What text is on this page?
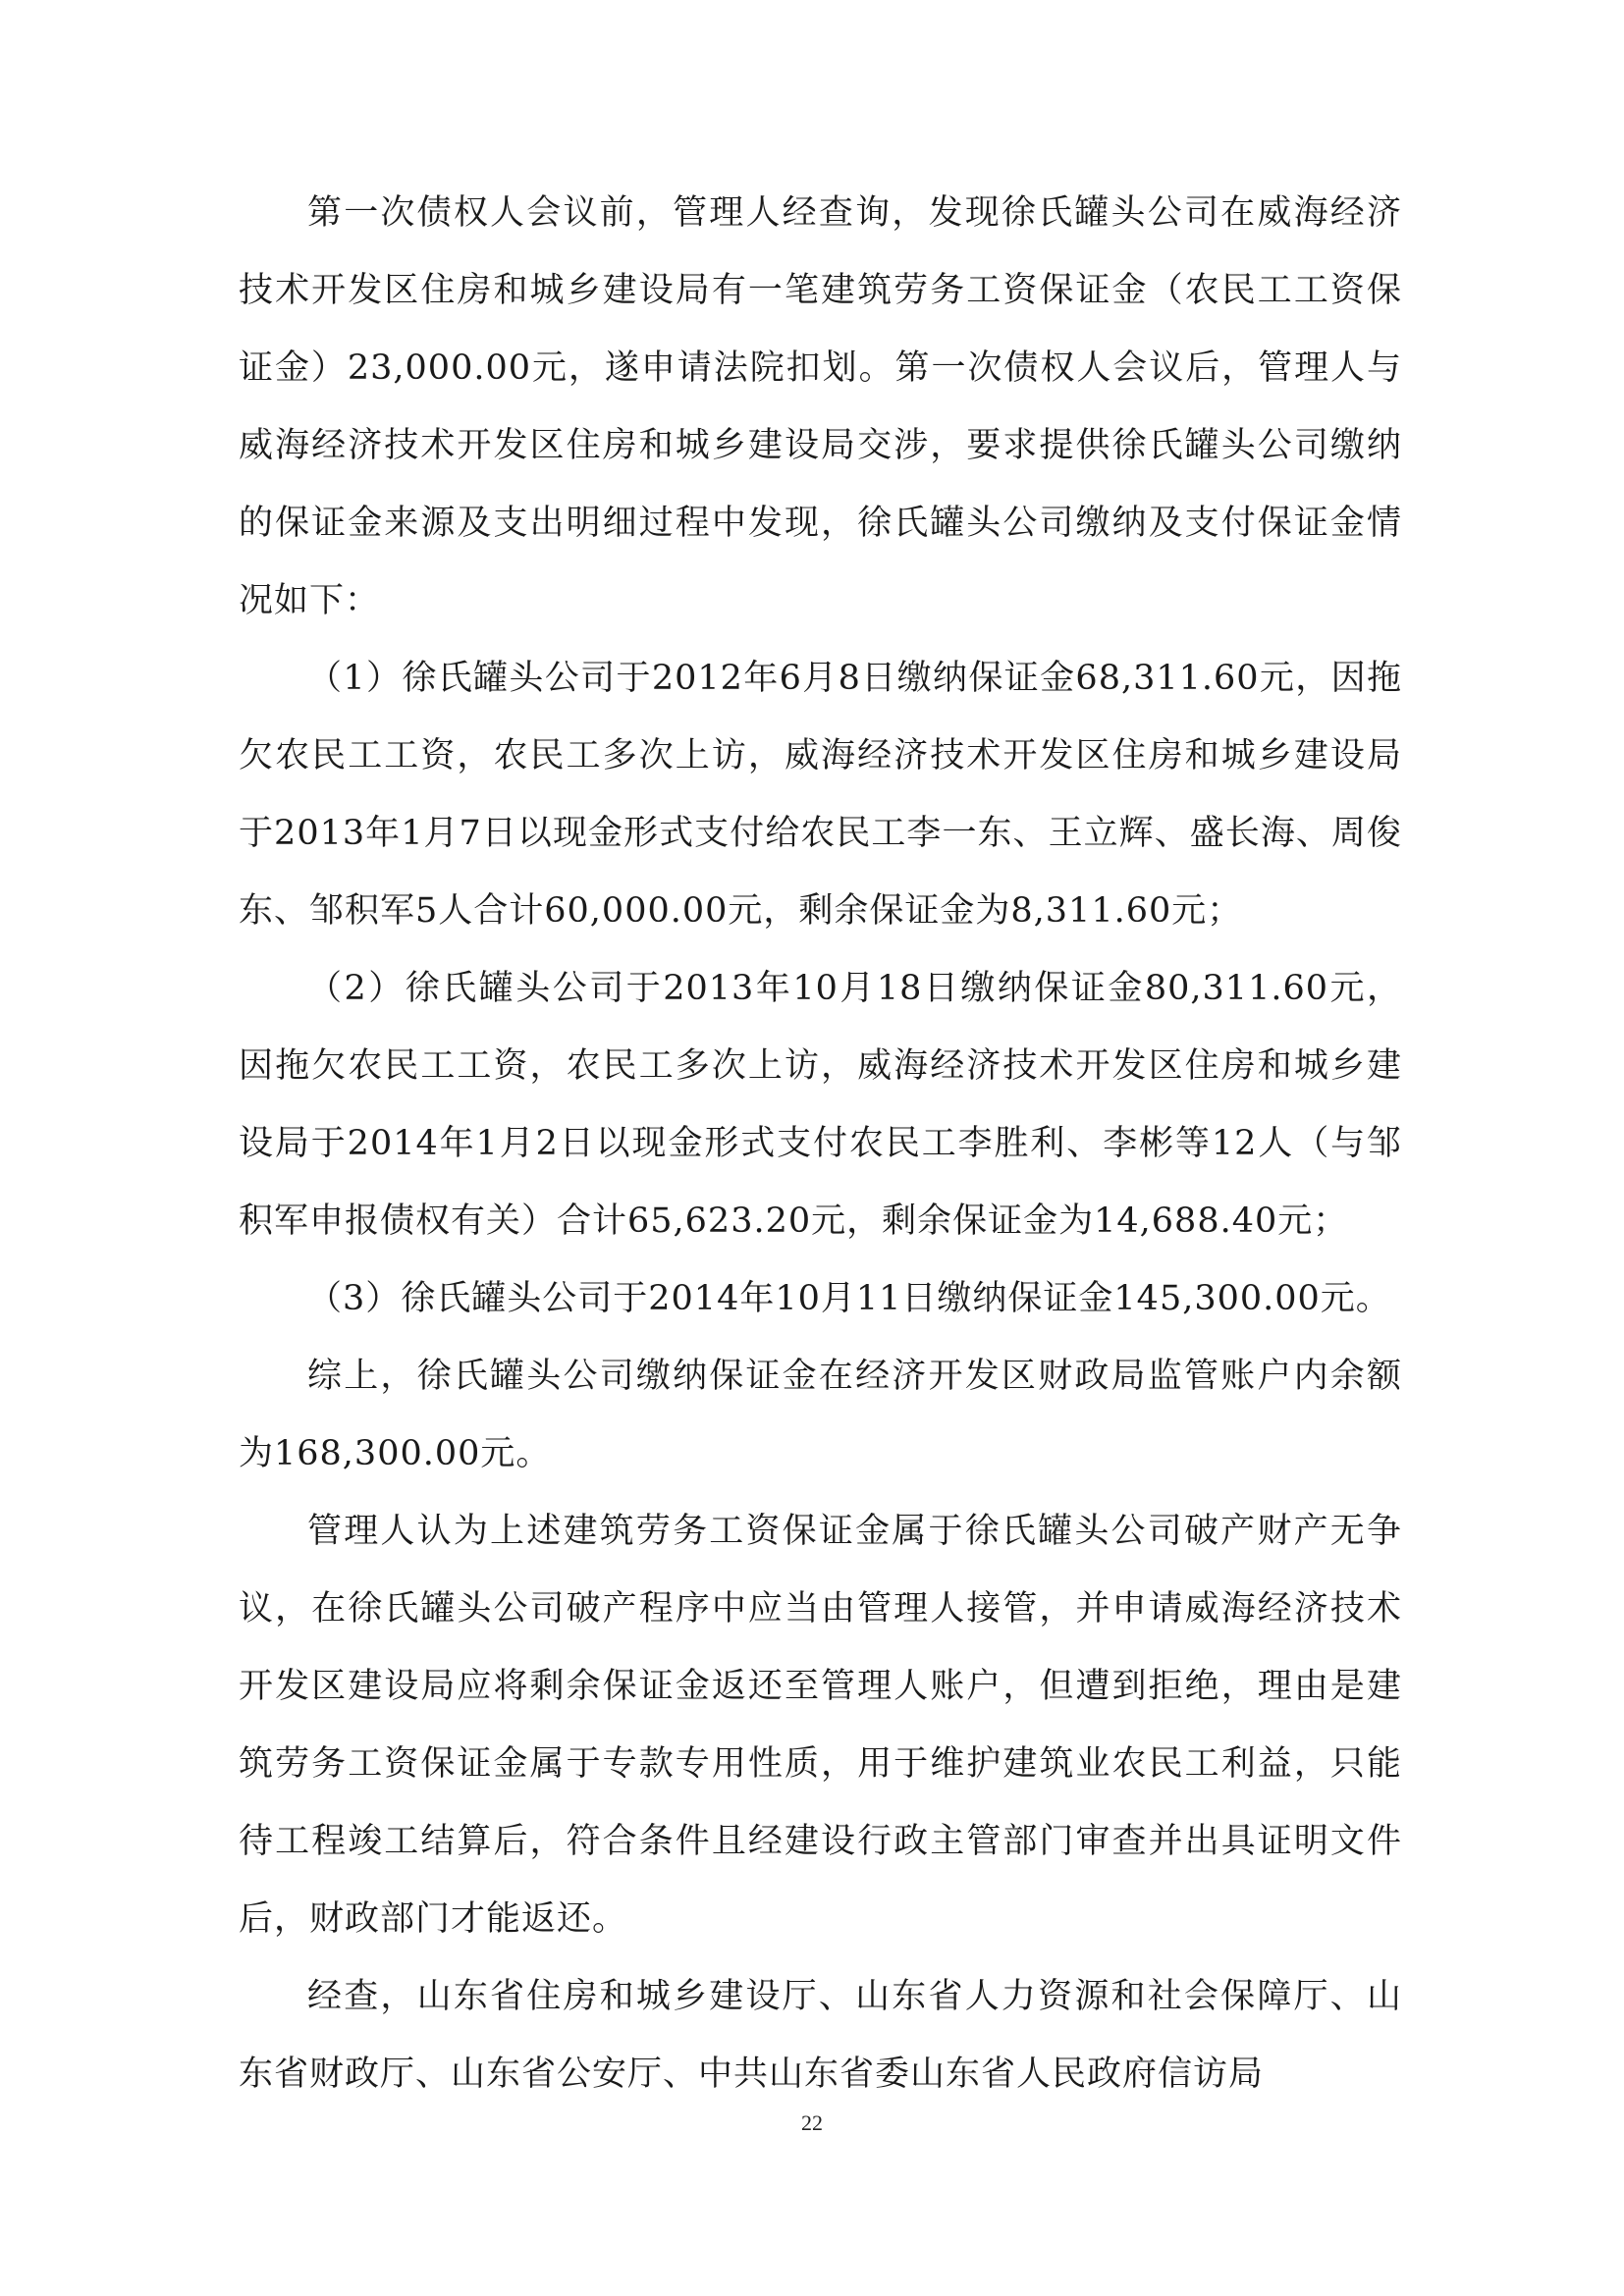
第一次债权人会议前，管理人经查询，发现徐氏罐头公司在威海经济技术开发区住房和城乡建设局有一笔建筑劳务工资保证金（农民工工资保证金）23,000.00元，遂申请法院扣划。第一次债权人会议后，管理人与威海经济技术开发区住房和城乡建设局交涉，要求提供徐氏罐头公司缴纳的保证金来源及支出明细过程中发现，徐氏罐头公司缴纳及支付保证金情况如下：

（1）徐氏罐头公司于2012年6月8日缴纳保证金68,311.60元，因拖欠农民工工资，农民工多次上访，威海经济技术开发区住房和城乡建设局于2013年1月7日以现金形式支付给农民工李一东、王立辉、盛长海、周俊东、邹积军5人合计60,000.00元，剩余保证金为8,311.60元；

（2）徐氏罐头公司于2013年10月18日缴纳保证金80,311.60元，因拖欠农民工工资，农民工多次上访，威海经济技术开发区住房和城乡建设局于2014年1月2日以现金形式支付农民工李胜利、李彬等12人（与邹积军申报债权有关）合计65,623.20元，剩余保证金为14,688.40元；

（3）徐氏罐头公司于2014年10月11日缴纳保证金145,300.00元。

综上，徐氏罐头公司缴纳保证金在经济开发区财政局监管账户内余额为168,300.00元。

管理人认为上述建筑劳务工资保证金属于徐氏罐头公司破产财产无争议，在徐氏罐头公司破产程序中应当由管理人接管，并申请威海经济技术开发区建设局应将剩余保证金返还至管理人账户，但遭到拒绝，理由是建筑劳务工资保证金属于专款专用性质，用于维护建筑业农民工利益，只能待工程竣工结算后，符合条件且经建设行政主管部门审查并出具证明文件后，财政部门才能返还。

经查，山东省住房和城乡建设厅、山东省人力资源和社会保障厅、山东省财政厅、山东省公安厅、中共山东省委山东省人民政府信访局

22
